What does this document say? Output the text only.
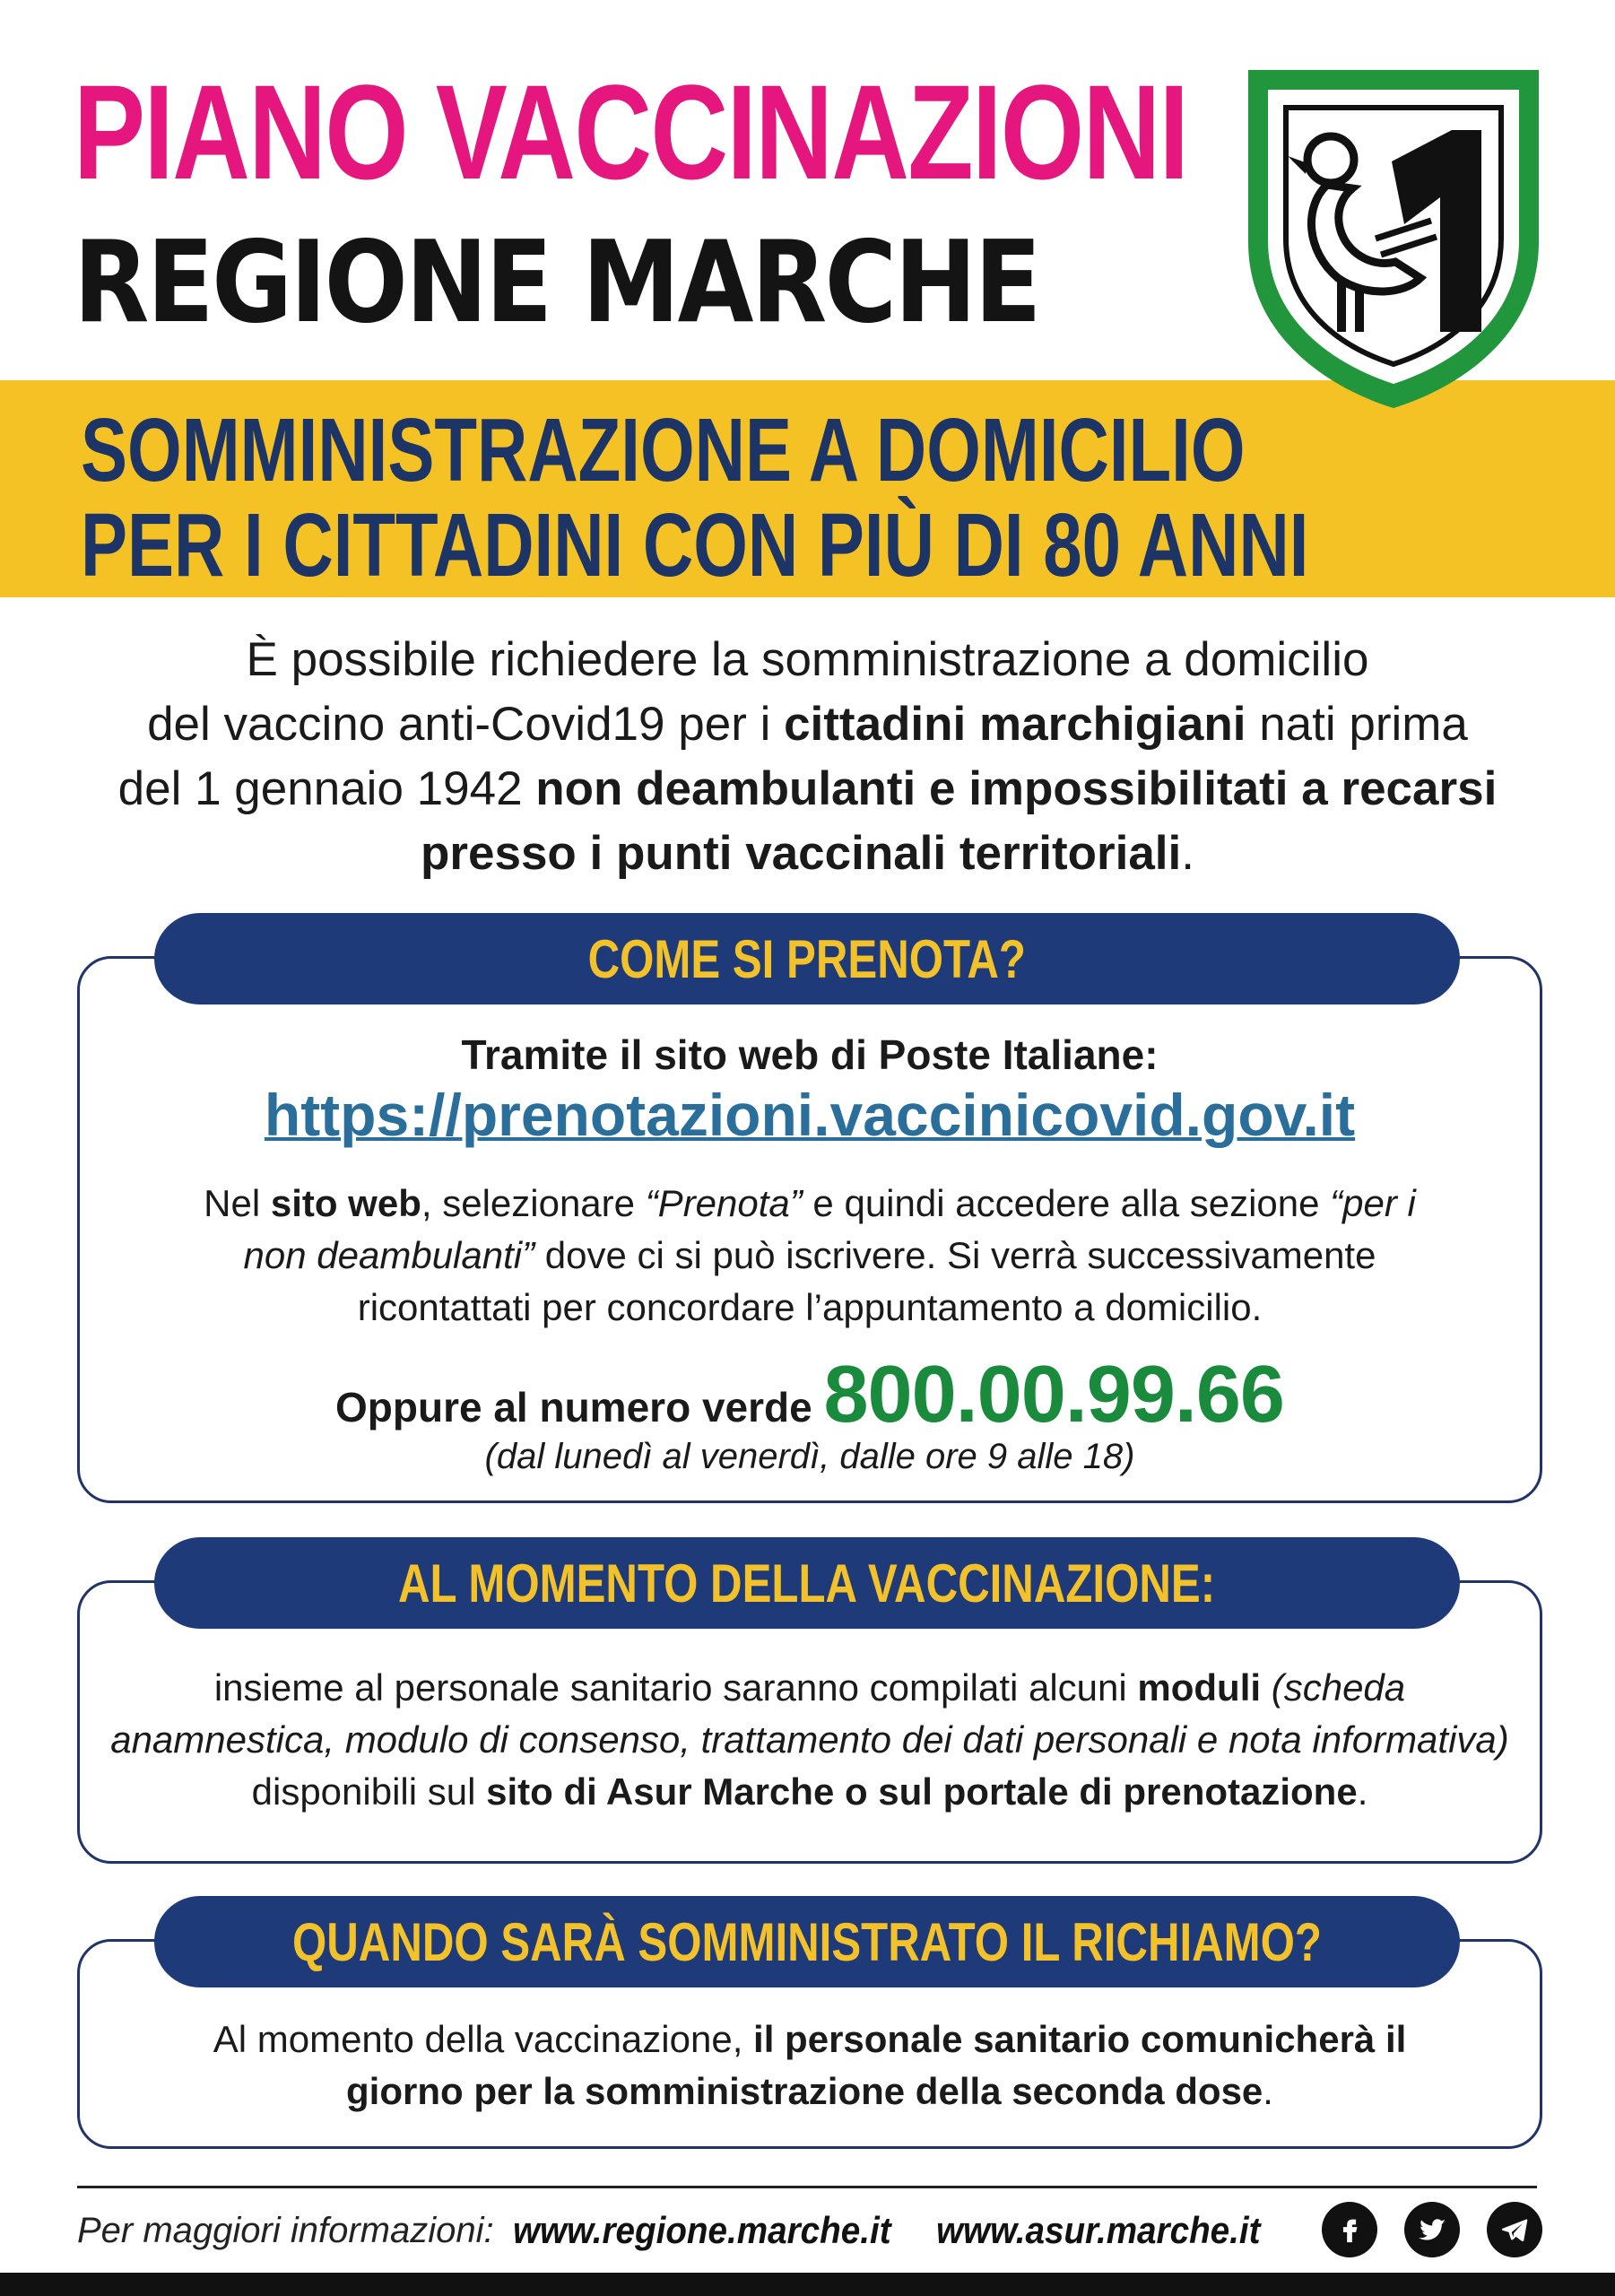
PIANO VACCINAZIONI
REGIONE MARCHE
SOMMINISTRAZIONE A DOMICILIO
PER I CITTADINI CON PIÙ DI 80 ANNI

È possibile richiedere la somministrazione a domicilio
del vaccino anti-Covid19 per i cittadini marchigiani nati prima
del 1 gennaio 1942 non deambulanti e impossibilitati a recarsi
presso i punti vaccinali territoriali.

COME SI PRENOTA?
Tramite il sito web di Poste Italiane:
https://prenotazioni.vaccinicovid.gov.it

Nel sito web, selezionare “Prenota” e quindi accedere alla sezione “per i non deambulanti” dove ci si può iscrivere. Si verrà successivamente ricontattati per concordare l’appuntamento a domicilio.

Oppure al numero verde 800.00.99.66
(dal lunedì al venerdì, dalle ore 9 alle 18)
AL MOMENTO DELLA VACCINAZIONE:

insieme al personale sanitario saranno compilati alcuni moduli (scheda anamnestica, modulo di consenso, trattamento dei dati personali e nota informativa) disponibili sul sito di Asur Marche o sul portale di prenotazione.

QUANDO SARÀ SOMMINISTRATO IL RICHIAMO?

Al momento della vaccinazione, il personale sanitario comunicherà il giorno per la somministrazione della seconda dose.

Per maggiori informazioni: www.regione.marche.it www.asur.marche.it
